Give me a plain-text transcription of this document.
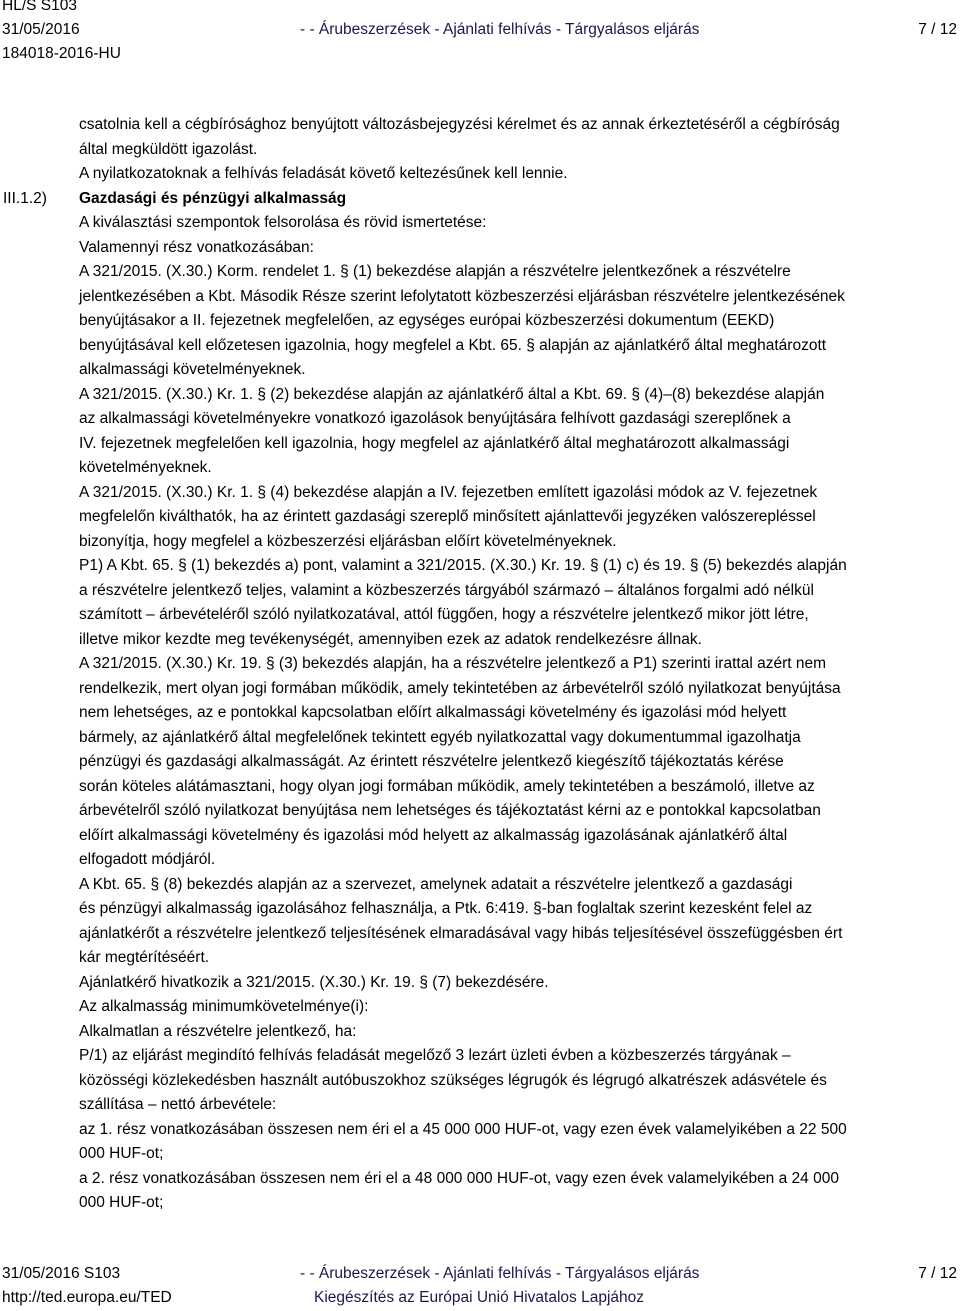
HL/S S103
31/05/2016
184018-2016-HU
- - Árubeszerzések - Ajánlati felhívás - Tárgyalásos eljárás	7 / 12
III.1.2)
csatolnia kell a cégbírósághoz benyújtott változásbejegyzési kérelmet és az annak érkeztetéséről a cégbíróság
által megküldött igazolást.
A nyilatkozatoknak a felhívás feladását követő keltezésűnek kell lennie.
Gazdasági és pénzügyi alkalmasság
A kiválasztási szempontok felsorolása és rövid ismertetése:
Valamennyi rész vonatkozásában:
A 321/2015. (X.30.) Korm. rendelet 1. § (1) bekezdése alapján a részvételre jelentkezőnek a részvételre
jelentkezésében a Kbt. Második Része szerint lefolytatott közbeszerzési eljárásban részvételre jelentkezésének
benyújtásakor a II. fejezetnek megfelelően, az egységes európai közbeszerzési dokumentum (EEKD)
benyújtásával kell előzetesen igazolnia, hogy megfelel a Kbt. 65. § alapján az ajánlatkérő által meghatározott
alkalmassági követelményeknek.
A 321/2015. (X.30.) Kr. 1. § (2) bekezdése alapján az ajánlatkérő által a Kbt. 69. § (4)–(8) bekezdése alapján
az alkalmassági követelményekre vonatkozó igazolások benyújtására felhívott gazdasági szereplőnek a
IV. fejezetnek megfelelően kell igazolnia, hogy megfelel az ajánlatkérő által meghatározott alkalmassági
követelményeknek.
A 321/2015. (X.30.) Kr. 1. § (4) bekezdése alapján a IV. fejezetben említett igazolási módok az V. fejezetnek
megfelelőn kiválthatók, ha az érintett gazdasági szereplő minősített ajánlattevői jegyzéken valószerepléssel
bizonyítja, hogy megfelel a közbeszerzési eljárásban előírt követelményeknek.
P1) A Kbt. 65. § (1) bekezdés a) pont, valamint a 321/2015. (X.30.) Kr. 19. § (1) c) és 19. § (5) bekezdés alapján
a részvételre jelentkező teljes, valamint a közbeszerzés tárgyából származó – általános forgalmi adó nélkül
számított – árbevételéről szóló nyilatkozatával, attól függően, hogy a részvételre jelentkező mikor jött létre,
illetve mikor kezdte meg tevékenységét, amennyiben ezek az adatok rendelkezésre állnak.
A 321/2015. (X.30.) Kr. 19. § (3) bekezdés alapján, ha a részvételre jelentkező a P1) szerinti irattal azért nem
rendelkezik, mert olyan jogi formában működik, amely tekintetében az árbevételről szóló nyilatkozat benyújtása
nem lehetséges, az e pontokkal kapcsolatban előírt alkalmassági követelmény és igazolási mód helyett
bármely, az ajánlatkérő által megfelelőnek tekintett egyéb nyilatkozattal vagy dokumentummal igazolhatja
pénzügyi és gazdasági alkalmasságát. Az érintett részvételre jelentkező kiegészítő tájékoztatás kérése
során köteles alátámasztani, hogy olyan jogi formában működik, amely tekintetében a beszámoló, illetve az
árbevételről szóló nyilatkozat benyújtása nem lehetséges és tájékoztatást kérni az e pontokkal kapcsolatban
előírt alkalmassági követelmény és igazolási mód helyett az alkalmasság igazolásának ajánlatkérő által
elfogadott módjáról.
A Kbt. 65. § (8) bekezdés alapján az a szervezet, amelynek adatait a részvételre jelentkező a gazdasági
és pénzügyi alkalmasság igazolásához felhasználja, a Ptk. 6:419. §-ban foglaltak szerint kezesként felel az
ajánlatkérőt a részvételre jelentkező teljesítésének elmaradásával vagy hibás teljesítésével összefüggésben ért
kár megtérítéséért.
Ajánlatkérő hivatkozik a 321/2015. (X.30.) Kr. 19. § (7) bekezdésére.
Az alkalmasság minimumkövetelménye(i):
Alkalmatlan a részvételre jelentkező, ha:
P/1) az eljárást megindító felhívás feladását megelőző 3 lezárt üzleti évben a közbeszerzés tárgyának –
közösségi közlekedésben használt autóbuszokhoz szükséges légrugók és légrugó alkatrészek adásvétele és
szállítása – nettó árbevétele:
az 1. rész vonatkozásában összesen nem éri el a 45 000 000 HUF-ot, vagy ezen évek valamelyikében a 22 500
000 HUF-ot;
a 2. rész vonatkozásában összesen nem éri el a 48 000 000 HUF-ot, vagy ezen évek valamelyikében a 24 000
000 HUF-ot;
31/05/2016 S103
http://ted.europa.eu/TED
- - Árubeszerzések - Ajánlati felhívás - Tárgyalásos eljárás
Kiegészítés az Európai Unió Hivatalos Lapjához
7 / 12
